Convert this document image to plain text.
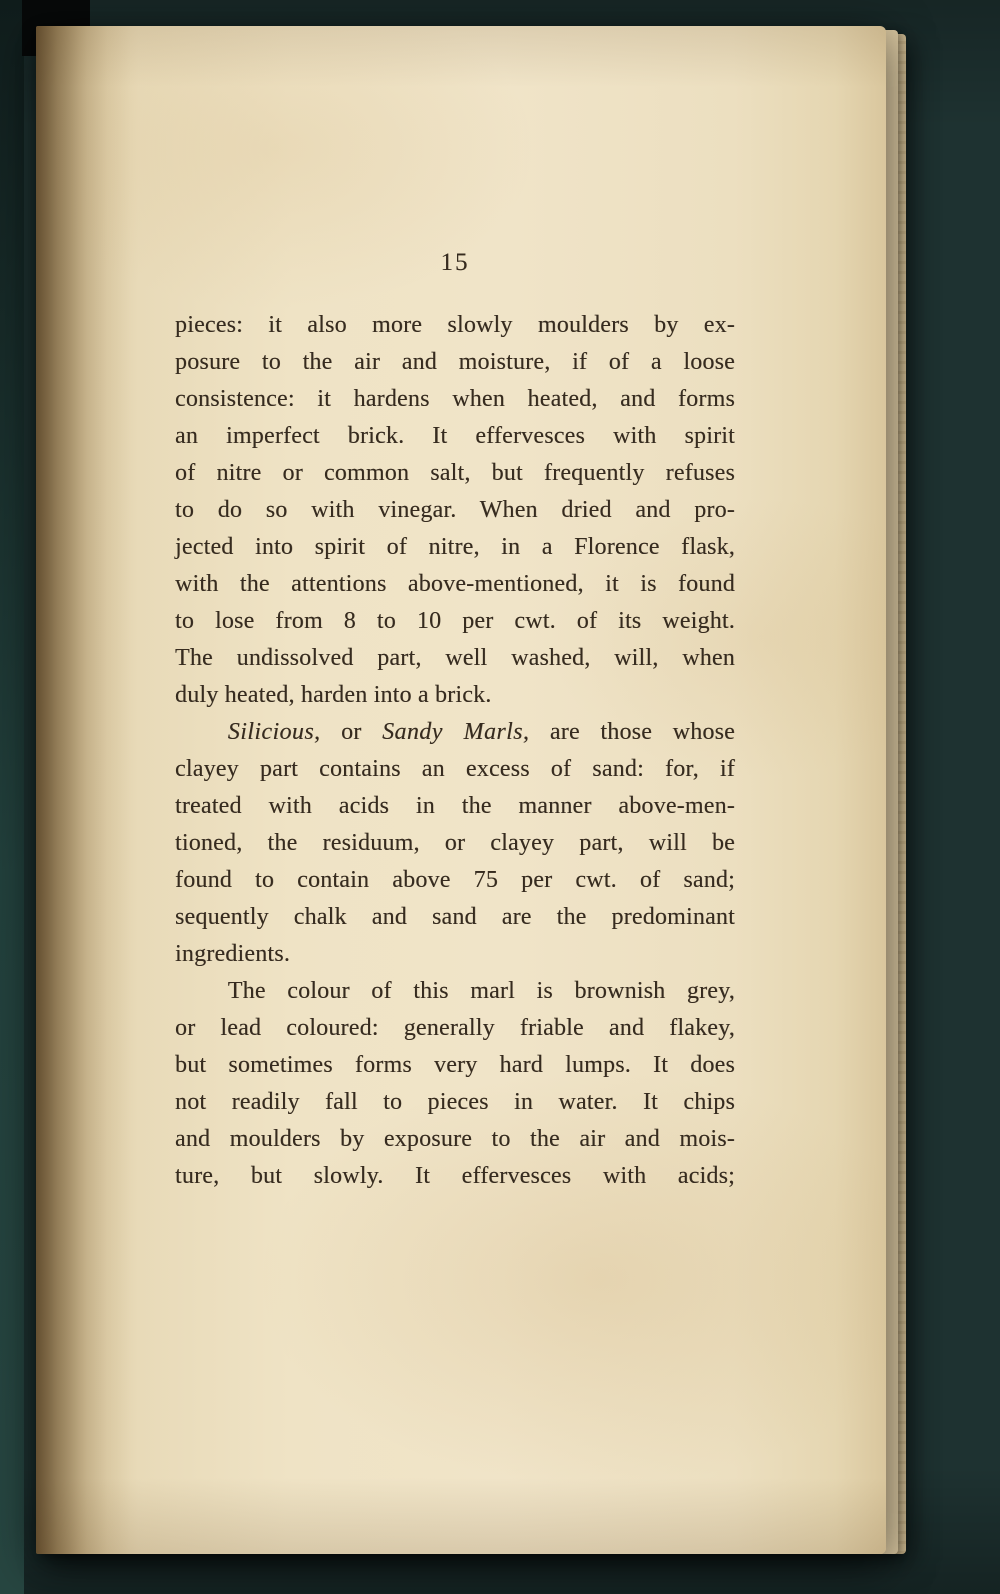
15
pieces: it also more slowly moulders by ex-
posure to the air and moisture, if of a loose
consistence: it hardens when heated, and forms
an imperfect brick. It effervesces with spirit
of nitre or common salt, but frequently refuses
to do so with vinegar. When dried and pro-
jected into spirit of nitre, in a Florence flask,
with the attentions above-mentioned, it is found
to lose from 8 to 10 per cwt. of its weight.
The undissolved part, well washed, will, when
duly heated, harden into a brick.
Silicious, or Sandy Marls, are those whose
clayey part contains an excess of sand: for, if
treated with acids in the manner above-men-
tioned, the residuum, or clayey part, will be
found to contain above 75 per cwt. of sand;
sequently chalk and sand are the predominant
ingredients.
The colour of this marl is brownish grey,
or lead coloured: generally friable and flakey,
but sometimes forms very hard lumps. It does
not readily fall to pieces in water. It chips
and moulders by exposure to the air and mois-
ture, but slowly. It effervesces with acids;
